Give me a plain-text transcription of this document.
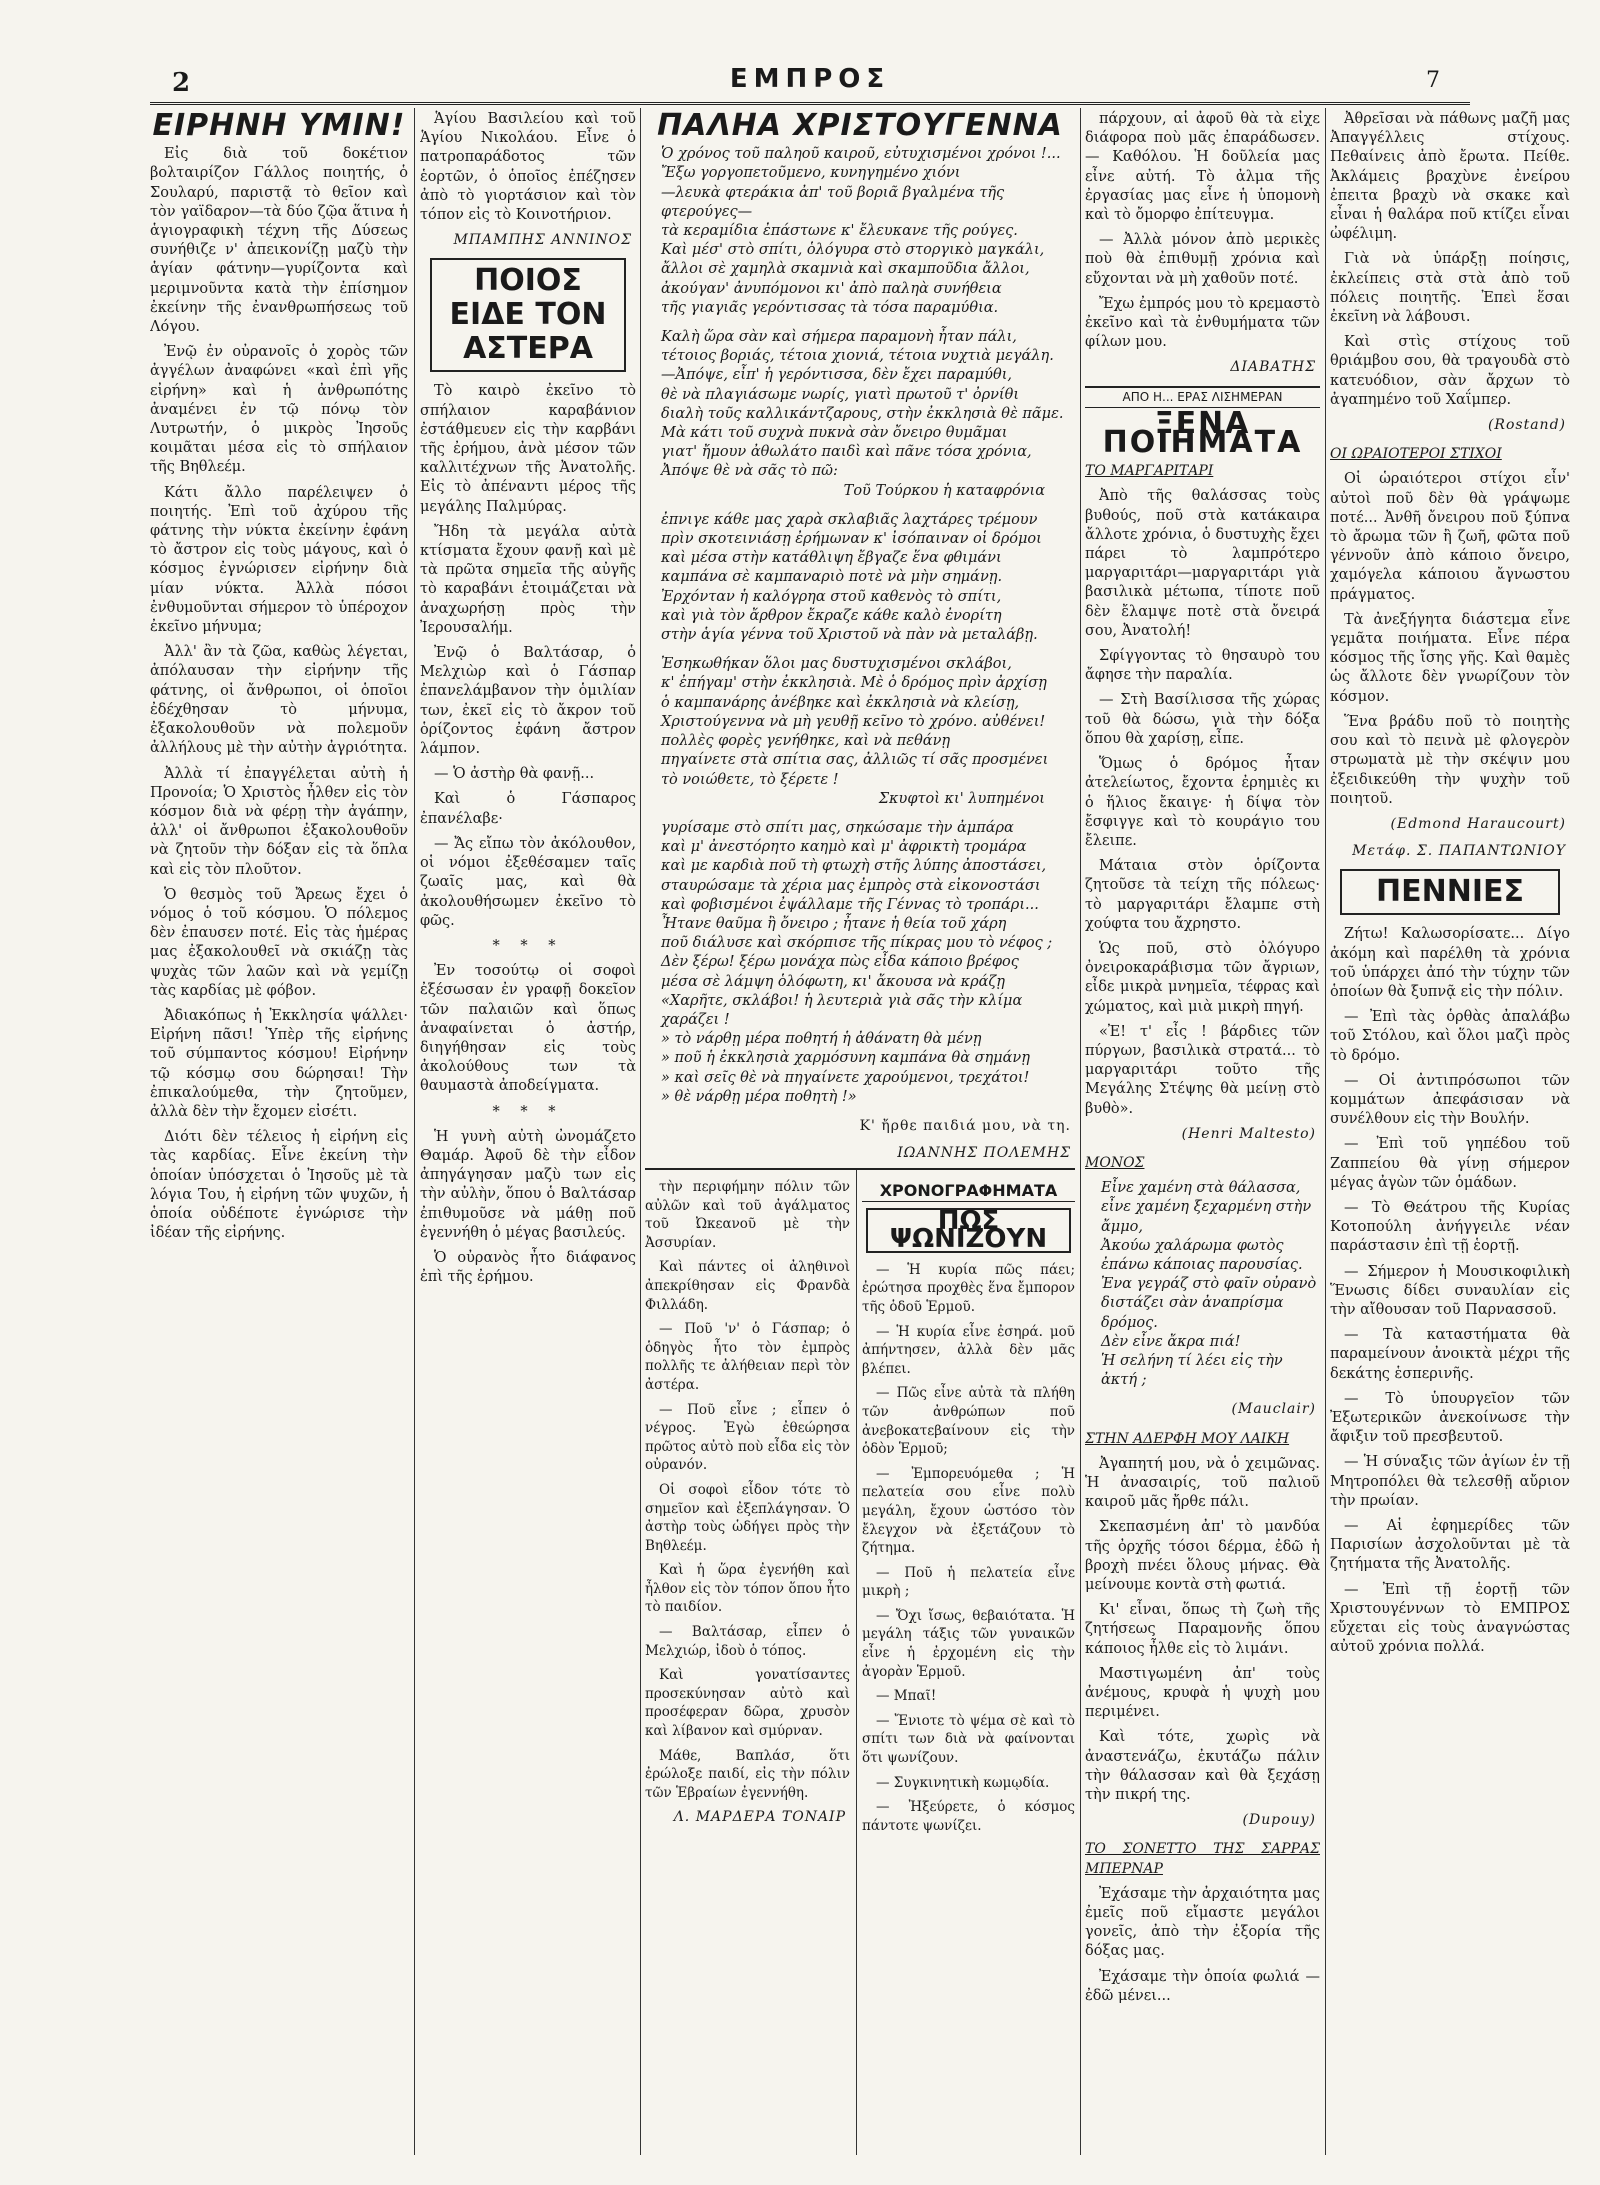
2	ΕΜΠΡΟΣ	7
ΕΙΡΗΝΗ ΥΜΙΝ!

Εἰς διὰ τοῦ δοκέτιον βολταιρίζον Γάλλος ποιητής, ὁ Σουλαρύ, παριστᾷ τὸ θεῖον καὶ τὸν γαϊδαρον—τὰ δύο ζῷα ἅτινα ἡ ἁγιογραφικὴ τέχνη τῆς Δύσεως συνήθιζε ν' ἀπεικονίζῃ μαζὺ τὴν ἁγίαν φάτνην—γυρίζοντα καὶ μεριμνοῦντα κατὰ τὴν ἐπίσημον ἐκείνην τῆς ἐνανθρωπήσεως τοῦ Λόγου.

Ἐνῷ ἐν οὐρανοῖς ὁ χορὸς τῶν ἀγγέλων ἀναφώνει «καὶ ἐπὶ γῆς εἰρήνη» καὶ ἡ ἀνθρωπότης ἀναμένει ἐν τῷ πόνῳ τὸν Λυτρωτήν, ὁ μικρὸς Ἰησοῦς κοιμᾶται μέσα εἰς τὸ σπήλαιον τῆς Βηθλεέμ.

Κάτι ἄλλο παρέλειψεν ὁ ποιητής. Ἐπὶ τοῦ ἀχύρου τῆς φάτνης τὴν νύκτα ἐκείνην ἐφάνη τὸ ἄστρον εἰς τοὺς μάγους, καὶ ὁ κόσμος ἐγνώρισεν εἰρήνην διὰ μίαν νύκτα. Ἀλλὰ πόσοι ἐνθυμοῦνται σήμερον τὸ ὑπέροχον ἐκεῖνο μήνυμα;

Ἀλλ' ἂν τὰ ζῶα, καθὼς λέγεται, ἀπόλαυσαν τὴν εἰρήνην τῆς φάτνης, οἱ ἄνθρωποι, οἱ ὁποῖοι ἐδέχθησαν τὸ μήνυμα, ἐξακολουθοῦν νὰ πολεμοῦν ἀλλήλους μὲ τὴν αὐτὴν ἀγριότητα.

Ἀλλὰ τί ἐπαγγέλεται αὐτὴ ἡ Προνοία; Ὁ Χριστὸς ἦλθεν εἰς τὸν κόσμον διὰ νὰ φέρῃ τὴν ἀγάπην, ἀλλ' οἱ ἄνθρωποι ἐξακολουθοῦν νὰ ζητοῦν τὴν δόξαν εἰς τὰ ὅπλα καὶ εἰς τὸν πλοῦτον.

Ὁ θεσμὸς τοῦ Ἄρεως ἔχει ὁ νόμος ὁ τοῦ κόσμου. Ὁ πόλεμος δὲν ἐπαυσεν ποτέ. Εἰς τὰς ἡμέρας μας ἐξακολουθεῖ νὰ σκιάζῃ τὰς ψυχὰς τῶν λαῶν καὶ νὰ γεμίζῃ τὰς καρδίας μὲ φόβον.

Ἀδιακόπως ἡ Ἐκκλησία ψάλλει· Εἰρήνη πᾶσι! Ὑπὲρ τῆς εἰρήνης τοῦ σύμπαντος κόσμου! Εἰρήνην τῷ κόσμῳ σου δώρησαι! Τὴν ἐπικαλούμεθα, τὴν ζητοῦμεν, ἀλλὰ δὲν τὴν ἔχομεν εἰσέτι.

Διότι δὲν τέλειος ἡ εἰρήνη εἰς τὰς καρδίας. Εἶνε ἐκείνη τὴν ὁποίαν ὑπόσχεται ὁ Ἰησοῦς μὲ τὰ λόγια Του, ἡ εἰρήνη τῶν ψυχῶν, ἡ ὁποία οὐδέποτε ἐγνώρισε τὴν ἰδέαν τῆς εἰρήνης.

Ἁγίου Βασιλείου καὶ τοῦ Ἁγίου Νικολάου. Εἶνε ὁ πατροπαράδοτος τῶν ἑορτῶν, ὁ ὁποῖος ἐπέζησεν ἀπὸ τὸ γιορτάσιον καὶ τὸν τόπον εἰς τὸ Κοινοτήριον.

ΜΠΑΜΠΗΣ ΑΝΝΙΝΟΣ
ΠΟΙΟΣ ΕΙΔΕ ΤΟΝ ΑΣΤΕΡΑ

Τὸ καιρὸ ἐκεῖνο τὸ σπήλαιον καραβάνιον ἐστάθμευεν εἰς τὴν καρβάνι τῆς ἐρήμου, ἀνὰ μέσον τῶν καλλιτέχνων τῆς Ἀνατολῆς. Εἰς τὸ ἀπέναντι μέρος τῆς μεγάλης Παλμύρας.

Ἤδη τὰ μεγάλα αὐτὰ κτίσματα ἔχουν φανῇ καὶ μὲ τὰ πρῶτα σημεῖα τῆς αὐγῆς τὸ καραβάνι ἑτοιμάζεται νὰ ἀναχωρήσῃ πρὸς τὴν Ἰερουσαλήμ.

Ἐνῷ ὁ Βαλτάσαρ, ὁ Μελχιὼρ καὶ ὁ Γάσπαρ ἐπανελάμβανον τὴν ὁμιλίαν των, ἐκεῖ εἰς τὸ ἄκρον τοῦ ὁρίζοντος ἐφάνη ἄστρον λάμπον.

— Ὁ ἀστὴρ θὰ φανῇ...

Καὶ ὁ Γάσπαρος ἐπανέλαβε·

— Ἄς εἴπω τὸν ἀκόλουθον, οἱ νόμοι ἐξεθέσαμεν ταῖς ζωαῖς μας, καὶ θὰ ἀκολουθήσωμεν ἐκεῖνο τὸ φῶς.

* * *

Ἐν τοσούτῳ οἱ σοφοὶ ἐξέσωσαν ἐν γραφῇ δοκεῖον τῶν παλαιῶν καὶ ὅπως ἀναφαίνεται ὁ ἀστήρ, διηγήθησαν εἰς τοὺς ἀκολούθους των τὰ θαυμαστὰ ἀποδείγματα.

* * *

Ἡ γυνὴ αὐτὴ ὠνομάζετο Θαμάρ. Ἀφοῦ δὲ τὴν εἶδον ἀπηγάγησαν μαζὺ των εἰς τὴν αὐλὴν, ὅπου ὁ Βαλτάσαρ ἐπιθυμοῦσε νὰ μάθῃ ποῦ ἐγεννήθη ὁ μέγας βασιλεύς.

Ὁ οὐρανὸς ἦτο διάφανος ἐπὶ τῆς ἐρήμου.

ΠΑΛΗΑ ΧΡΙΣΤΟΥΓΕΝΝΑ
Ὁ χρόνος τοῦ παληοῦ καιροῦ, εὐτυχισμένοι χρόνοι !...
Ἔξω γοργοπετοῦμενο, κυνηγημένο χιόνι
—λευκὰ φτεράκια ἀπ' τοῦ βοριᾶ βγαλμένα τῆς φτερούγες—
τὰ κεραμίδια ἐπάστωνε κ' ἔλευκανε τῆς ρούγες.
Καὶ μέσ' στὸ σπίτι, ὁλόγυρα στὸ στοργικὸ μαγκάλι,
ἄλλοι σὲ χαμηλὰ σκαμνιὰ καὶ σκαμποῦδια ἄλλοι,
ἀκούγαν' ἀνυπόμονοι κι' ἀπὸ παληὰ συνήθεια
τῆς γιαγιᾶς γερόντισσας τὰ τόσα παραμύθια.
Καλὴ ὥρα σὰν καὶ σήμερα παραμονὴ ἦταν πάλι,
τέτοιος βοριάς, τέτοια χιονιά, τέτοια νυχτιὰ μεγάλη.
—Ἀπόψε, εἶπ' ἡ γερόντισσα, δὲν ἔχει παραμύθι,
θὲ νὰ πλαγιάσωμε νωρίς, γιατὶ πρωτοῦ τ' ὀρνίθι
διαλὴ τοῦς καλλικάντζαρους, στὴν ἐκκλησιὰ θὲ πᾶμε.
Μὰ κάτι τοῦ συχνὰ πυκνὰ σὰν ὄνειρο θυμᾶμαι
γιατ' ἤμουν ἀθωλάτο παιδὶ καὶ πᾶνε τόσα χρόνια,
Ἀπόψε θὲ νὰ σᾶς τὸ πῶ:
Τοῦ Τούρκου ἡ καταφρόνια
ἐπνιγε κάθε μας χαρὰ σκλαβιᾶς λαχτάρες τρέμουν
πρὶν σκοτεινιάσῃ ἐρήμωναν κ' ἰσόπαιναν οἱ δρόμοι
καὶ μέσα στὴν κατάθλιψη ἔβγαζε ἕνα φθιμάνι
καμπάνα σὲ καμπαναριὸ ποτὲ νὰ μὴν σημάνῃ.
Ἐρχόνταν ἡ καλόγρηα στοῦ καθενὸς τὸ σπίτι,
καὶ γιὰ τὸν ἄρθρον ἔκραζε κάθε καλὸ ἐνορίτη
στὴν ἁγία γέννα τοῦ Χριστοῦ νὰ πὰν νὰ μεταλάβῃ.
Ἐσηκωθήκαν ὅλοι μας δυστυχισμένοι σκλάβοι,
κ' ἐπήγαμ' στὴν ἐκκλησιὰ. Μὲ ὁ δρόμος πρὶν ἀρχίσῃ
ὁ καμπανάρης ἀνέβηκε καὶ ἐκκλησιὰ νὰ κλείσῃ,
Χριστούγεννα νὰ μὴ γευθῇ κεῖνο τὸ χρόνο. αὐθένει!
πολλὲς φορὲς γενήθηκε, καὶ νὰ πεθάνῃ
πηγαίνετε στὰ σπίτια σας, ἀλλιῶς τί σᾶς προσμένει
τὸ νοιώθετε, τὸ ξέρετε !
Σκυφτοὶ κι' λυπημένοι
γυρίσαμε στὸ σπίτι μας, σηκώσαμε τὴν ἀμπάρα
καὶ μ' ἀνεστόρητο καημὸ καὶ μ' ἀφρικτὴ τρομάρα
καὶ με καρδιὰ ποῦ τὴ φτωχὴ στῆς λύπης ἀποστάσει,
σταυρώσαμε τὰ χέρια μας ἐμπρὸς στὰ εἰκονοστάσι
καὶ φοβισμένοι ἐψάλλαμε τῆς Γέννας τὸ τροπάρι...
Ἦτανε θαῦμα ἢ ὄνειρο ; ἦτανε ἡ θεία τοῦ χάρη
ποῦ διάλυσε καὶ σκόρπισε τῆς πίκρας μου τὸ νέφος ;
Δὲν ξέρω! ξέρω μονάχα πὼς εἶδα κάποιο βρέφος
μέσα σὲ λάμψη ὁλόφωτη, κι' ἄκουσα νὰ κράζῃ
«Χαρῆτε, σκλάβοι! ἡ λευτεριὰ γιὰ σᾶς τὴν κλίμα χαράζει !
» τὸ νάρθῃ μέρα ποθητή ἡ ἀθάνατη θὰ μένῃ
» ποῦ ἡ ἐκκλησιὰ χαρμόσυνη καμπάνα θὰ σημάνῃ
» καὶ σεῖς θὲ νὰ πηγαίνετε χαρούμενοι, τρεχάτοι!
» θὲ νάρθῃ μέρα ποθητὴ !»
Κ' ἤρθε παιδιά μου, νὰ τη.
ΙΩΑΝΝΗΣ ΠΟΛΕΜΗΣ

τὴν περιφήμην πόλιν τῶν αὐλῶν καὶ τοῦ ἀγάλματος τοῦ Ὠκεανοῦ μὲ τὴν Ἀσσυρίαν.

Καὶ πάντες οἱ ἀληθινοὶ ἀπεκρίθησαν εἰς Φρανδὰ Φιλλάδη.

— Ποῦ 'ν' ὁ Γάσπαρ; ὁ ὁδηγὸς ἦτο τὸν ἐμπρὸς πολλῆς τε ἀλήθειαν περὶ τὸν ἀστέρα.

— Ποῦ εἶνε ; εἶπεν ὁ νέγρος. Ἐγὼ ἐθεώρησα πρῶτος αὐτὸ ποὺ εἶδα εἰς τὸν οὐρανόν.

Οἱ σοφοὶ εἶδον τότε τὸ σημεῖον καὶ ἐξεπλάγησαν. Ὁ ἀστὴρ τοὺς ὡδήγει πρὸς τὴν Βηθλεέμ.

Καὶ ἡ ὥρα ἐγενήθη καὶ ἦλθον εἰς τὸν τόπον ὅπου ἦτο τὸ παιδίον.

— Βαλτάσαρ, εἶπεν ὁ Μελχιώρ, ἰδοὺ ὁ τόπος.

Καὶ γονατίσαντες προσεκύνησαν αὐτὸ καὶ προσέφεραν δῶρα, χρυσὸν καὶ λίβανον καὶ σμύρναν.

Μάθε, Βαπλάσ, ὅτι ἐρώλοξε παιδί, εἰς τὴν πόλιν τῶν Ἑβραίων ἐγεννήθη.

Λ. ΜΑΡΔΕΡΑ ΤΟΝΑΙΡ
ΧΡΟΝΟΓΡΑΦΗΜΑΤΑ
ΠΩΣ ΨΩΝΙΖΟΥΝ

— Ἡ κυρία πῶς πάει; ἐρώτησα προχθὲς ἕνα ἔμπορον τῆς ὁδοῦ Ἑρμοῦ.

— Ἡ κυρία εἶνε ἐσηρά. μοῦ ἀπήντησεν, ἀλλὰ δὲν μᾶς βλέπει.

— Πῶς εἶνε αὐτὰ τὰ πλήθη τῶν ἀνθρώπων ποῦ ἀνεβοκατεβαίνουν εἰς τὴν ὁδὸν Ἑρμοῦ;

— Ἐμπορευόμεθα ; Ἡ πελατεία σου εἶνε πολὺ μεγάλη, ἔχουν ὡστόσο τὸν ἔλεγχον νὰ ἐξετάζουν τὸ ζήτημα.

— Ποῦ ἡ πελατεία εἶνε μικρὴ ;

— Ὄχι ἴσως, θεβαιότατα. Ἡ μεγάλη τάξις τῶν γυναικῶν εἶνε ἡ ἐρχομένη εἰς τὴν ἀγορὰν Ἑρμοῦ.

— Μπαῖ!

— Ἔνιοτε τὸ ψέμα σὲ καὶ τὸ σπίτι των διὰ νὰ φαίνονται ὅτι ψωνίζουν.

— Συγκινητικὴ κωμῳδία.

— Ἠξεύρετε, ὁ κόσμος πάντοτε ψωνίζει.

πάρχουν, αἱ ἀφοῦ θὰ τὰ εἶχε διάφορα ποὺ μᾶς ἐπαράδωσεν. — Καθόλου. Ἡ δοῦλεία μας εἶνε αὐτή. Τὸ ἀλμα τῆς ἐργασίας μας εἶνε ἡ ὑπομονὴ καὶ τὸ ὄμορφο ἐπίτευγμα.

— Ἀλλὰ μόνον ἀπὸ μερικὲς ποὺ θὰ ἐπιθυμῇ χρόνια καὶ εὔχονται νὰ μὴ χαθοῦν ποτέ.

Ἔχω ἐμπρός μου τὸ κρεμαστὸ ἐκεῖνο καὶ τὰ ἐνθυμήματα τῶν φίλων μου.

ΔΙΑΒΑΤΗΣ
ΑΠΟ Η... ΕΡΑΣ ΛΙΣΗΜΕΡΑΝ
ΞΕΝΑ ΠΟΙΗΜΑΤΑ
ΤΟ ΜΑΡΓΑΡΙΤΑΡΙ

Ἀπὸ τῆς θαλάσσας τοὺς βυθούς, ποῦ στὰ κατάκαιρα ἄλλοτε χρόνια, ὁ δυστυχὴς ἔχει πάρει τὸ λαμπρότερο μαργαριτάρι—μαργαριτάρι γιὰ βασιλικὰ μέτωπα, τίποτε ποῦ δὲν ἔλαμψε ποτὲ στὰ ὄνειρά σου, Ἀνατολή!

Σφίγγοντας τὸ θησαυρὸ του ἄφησε τὴν παραλία.

— Στὴ Βασίλισσα τῆς χώρας τοῦ θὰ δώσω, γιὰ τὴν δόξα ὅπου θὰ χαρίσῃ, εἶπε.

Ὅμως ὁ δρόμος ἦταν ἀτελείωτος, ἔχοντα ἐρημιὲς κι ὁ ἥλιος ἔκαιγε· ἡ δίψα τὸν ἔσφιγγε καὶ τὸ κουράγιο του ἔλειπε.

Μάταια στὸν ὁρίζοντα ζητοῦσε τὰ τείχη τῆς πόλεως· τὸ μαργαριτάρι ἔλαμπε στὴ χούφτα του ἄχρηστο.

Ὡς ποῦ, στὸ ὀλόγυρο ὀνειροκαράβισμα τῶν ἄγριων, εἶδε μικρὰ μνημεῖα, τέφρας καὶ χώματος, καὶ μιὰ μικρὴ πηγή.

«Ἐ! τ' εἶς ! βάρδιες τῶν πύργων, βασιλικὰ στρατά... τὸ μαργαριτάρι τοῦτο τῆς Μεγάλης Στέψης θὰ μείνῃ στὸ βυθὸ».

(Henri Maltesto)
ΜΟΝΟΣ
Εἶνε χαμένη στὰ θάλασσα,
εἶνε χαμένη ξεχαρμένη στὴν ἄμμο,
Ἀκούω χαλάρωμα φωτὸς
ἐπάνω κάποιας παρουσίας.
Ἐνα γεγράζ στὸ φαῖν οὐρανὸ
διστάζει σὰν ἀναπρίσμα δρόμος.
Δὲν εἶνε ἄκρα πιά!
Ἡ σελήνη τί λέει εἰς τὴν ἀκτή ;
(Mauclair)
ΣΤΗΝ ΑΔΕΡΦΗ ΜΟΥ ΛΑΙΚΗ

Ἀγαπητή μου, νὰ ὁ χειμῶνας. Ἡ ἀνασαιρίς, τοῦ παλιοῦ καιροῦ μᾶς ἤρθε πάλι.

Σκεπασμένη ἀπ' τὸ μανδύα τῆς ὀρχῆς τόσοι δέρμα, ἐδῶ ἡ βροχὴ πνέει ὅλους μήνας. Θὰ μείνουμε κοντὰ στὴ φωτιά.

Κι' εἶναι, ὅπως τὴ ζωὴ τῆς ζητήσεως Παραμονῆς ὅπου κάποιος ἦλθε εἰς τὸ λιμάνι.

Μαστιγωμένη ἀπ' τοὺς ἀνέμους, κρυφὰ ἡ ψυχὴ μου περιμένει.

Καὶ τότε, χωρὶς νὰ ἀναστενάζω, ἐκυτάζω πάλιν τὴν θάλασσαν καὶ θὰ ξεχάσῃ τὴν πικρή της.

(Dupouy)
ΤΟ ΣΟΝΕΤΤΟ ΤΗΣ ΣΑΡΡΑΣ ΜΠΕΡΝΑΡ

Ἐχάσαμε τὴν ἀρχαιότητα μας ἐμεῖς ποῦ εἴμαστε μεγάλοι γονεῖς, ἀπὸ τὴν ἐξορία τῆς δόξας μας.

Ἐχάσαμε τὴν ὁποία φωλιά — ἐδῶ μένει...

Ἀθρεῖσαι νὰ πάθωνς μαζῆ μας Ἀπαγγέλλεις στίχους. Πεθαίνεις ἀπὸ ἔρωτα. Πείθε. Ἀκλάμεις βραχὺνε ἐνείρου ἐπειτα βραχὺ νὰ σκακε καὶ εἶναι ἡ θαλάρα ποῦ κτίζει εἶναι ὠφέλιμη.

Γιὰ νὰ ὑπάρξῃ ποίησις, ἐκλείπεις στὰ στὰ ἀπὸ τοῦ πόλεις ποιητῆς. Ἐπεὶ ἕσαι ἐκεῖνη νὰ λάβουσι.

Καὶ στὶς στίχους τοῦ θριάμβου σου, θὰ τραγουδὰ στὸ κατευόδιον, σὰν ἄρχων τὸ ἀγαπημένο τοῦ Χαΐμπερ.

(Rostand)
ΟΙ ΩΡΑΙΟΤΕΡΟΙ ΣΤΙΧΟΙ

Οἱ ὡραιότεροι στίχοι εἶν' αὐτοὶ ποῦ δὲν θὰ γράψωμε ποτέ... Ἀνθῆ ὄνειρου ποῦ ξύπνα τὸ ἄρωμα τῶν ἢ ζωῆ, φῶτα ποῦ γέννοῦν ἀπὸ κάποιο ὄνειρο, χαμόγελα κάποιου ἄγνωστου πράγματος.

Τὰ ἀνεξήγητα διάστεμα εἶνε γεμᾶτα ποιήματα. Εἶνε πέρα κόσμος τῆς ἴσης γῆς. Καὶ θαμὲς ὡς ἄλλοτε δὲν γνωρίζουν τὸν κόσμον.

Ἕνα βράδυ ποῦ τὸ ποιητὴς σου καὶ τὸ πεινὰ μὲ φλογερὸν στρωματὰ μὲ τὴν σκέψιν μου ἐξειδικεύθη τὴν ψυχὴν τοῦ ποιητοῦ.

(Edmond Haraucourt)
Μετάφ. Σ. ΠΑΠΑΝΤΩΝΙΟΥ
ΠΕΝΝΙΕΣ

Ζήτω! Καλωσορίσατε... Δίγο ἀκόμη καὶ παρέλθη τὰ χρόνια τοῦ ὑπάρχει ἀπό τὴν τύχην τῶν ὁποίων θὰ ξυπνᾷ εἰς τὴν πόλιν.

— Ἐπὶ τὰς ὁρθὰς ἀπαλάβω τοῦ Στόλου, καὶ ὅλοι μαζὶ πρὸς τὸ δρόμο.

— Οἱ ἀντιπρόσωποι τῶν κομμάτων ἀπεφάσισαν νὰ συνέλθουν εἰς τὴν Βουλήν.

— Ἐπὶ τοῦ γηπέδου τοῦ Ζαππείου θὰ γίνῃ σήμερον μέγας ἀγὼν τῶν ὁμάδων.

— Τὸ Θεάτρου τῆς Κυρίας Κοτοπούλη ἀνήγγειλε νέαν παράστασιν ἐπὶ τῇ ἑορτῇ.

— Σήμερον ἡ Μουσικοφιλικὴ Ἕνωσις δίδει συναυλίαν εἰς τὴν αἴθουσαν τοῦ Παρνασσοῦ.

— Τὰ καταστήματα θὰ παραμείνουν ἀνοικτὰ μέχρι τῆς δεκάτης ἑσπερινῆς.

— Τὸ ὑπουργεῖον τῶν Ἐξωτερικῶν ἀνεκοίνωσε τὴν ἄφιξιν τοῦ πρεσβευτοῦ.

— Ἡ σύναξις τῶν ἁγίων ἐν τῇ Μητροπόλει θὰ τελεσθῇ αὔριον τὴν πρωίαν.

— Αἱ ἐφημερίδες τῶν Παρισίων ἀσχολοῦνται μὲ τὰ ζητήματα τῆς Ἀνατολῆς.

— Ἐπὶ τῇ ἑορτῇ τῶν Χριστουγέννων τὸ ΕΜΠΡΟΣ εὔχεται εἰς τοὺς ἀναγνώστας αὐτοῦ χρόνια πολλά.
